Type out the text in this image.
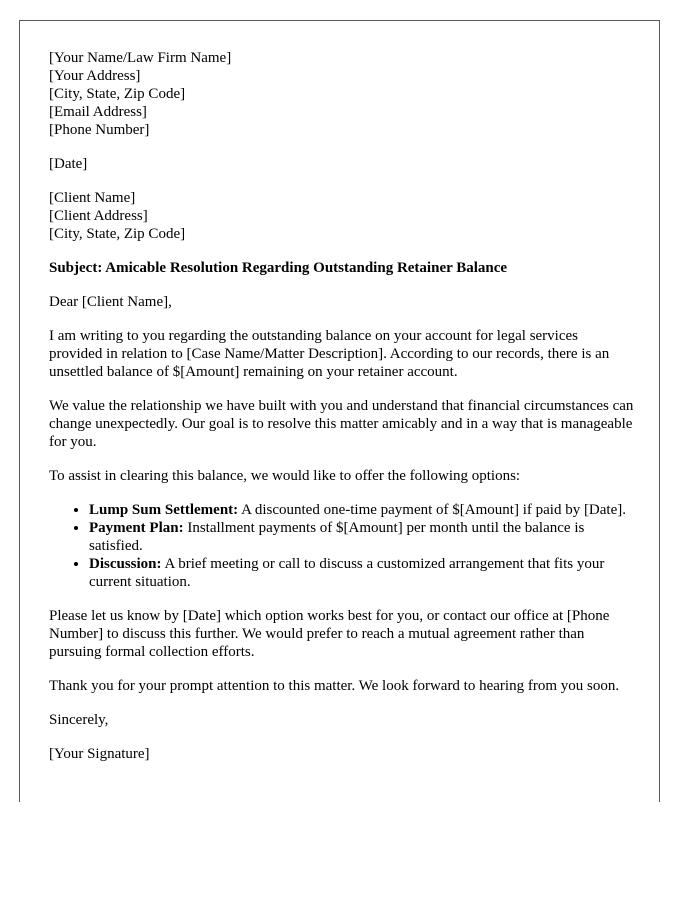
[Your Name/Law Firm Name]
[Your Address]
[City, State, Zip Code]
[Email Address]
[Phone Number]
[Date]
[Client Name]
[Client Address]
[City, State, Zip Code]
Subject: Amicable Resolution Regarding Outstanding Retainer Balance

Dear [Client Name],

I am writing to you regarding the outstanding balance on your account for legal services provided in relation to [Case Name/Matter Description]. According to our records, there is an unsettled balance of $[Amount] remaining on your retainer account.

We value the relationship we have built with you and understand that financial circumstances can change unexpectedly. Our goal is to resolve this matter amicably and in a way that is manageable for you.

To assist in clearing this balance, we would like to offer the following options:

• Lump Sum Settlement: A discounted one-time payment of $[Amount] if paid by [Date].
• Payment Plan: Installment payments of $[Amount] per month until the balance is satisfied.
• Discussion: A brief meeting or call to discuss a customized arrangement that fits your current situation.

Please let us know by [Date] which option works best for you, or contact our office at [Phone Number] to discuss this further. We would prefer to reach a mutual agreement rather than pursuing formal collection efforts.

Thank you for your prompt attention to this matter. We look forward to hearing from you soon.

Sincerely,

[Your Signature]
